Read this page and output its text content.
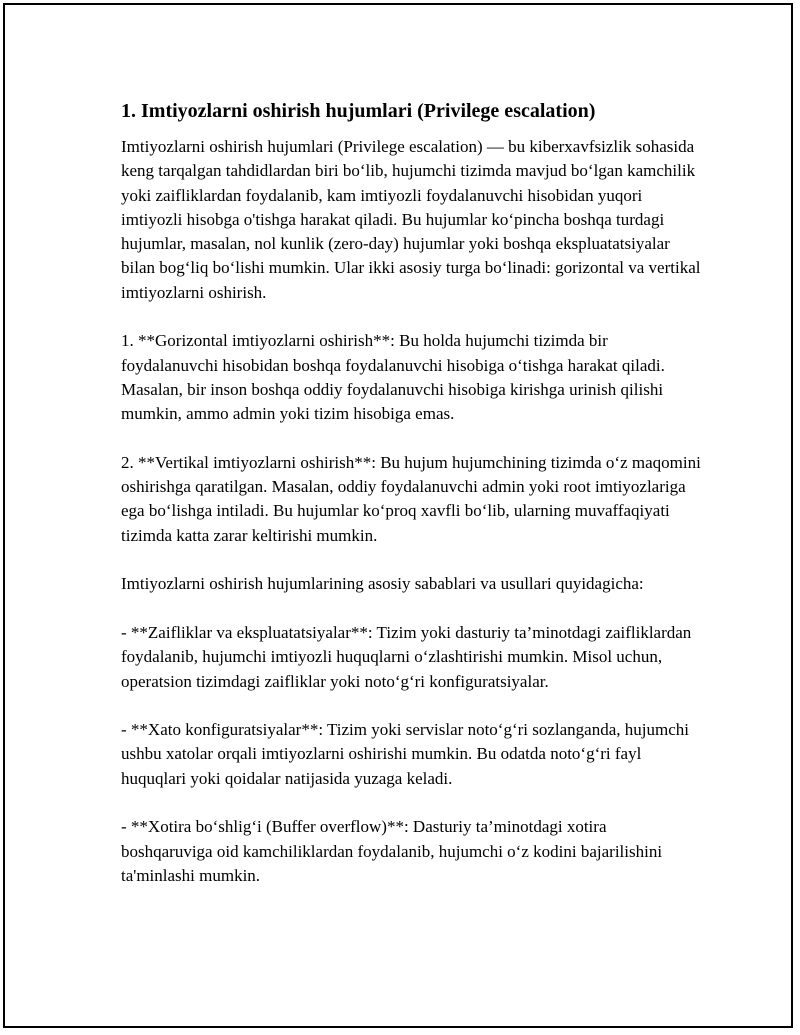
1. Imtiyozlarni oshirish hujumlari (Privilege escalation)

Imtiyozlarni oshirish hujumlari (Privilege escalation) — bu kiberxavfsizlik sohasida keng tarqalgan tahdidlardan biri bo‘lib, hujumchi tizimda mavjud bo‘lgan kamchilik yoki zaifliklardan foydalanib, kam imtiyozli foydalanuvchi hisobidan yuqori imtiyozli hisobga o'tishga harakat qiladi. Bu hujumlar ko‘pincha boshqa turdagi hujumlar, masalan, nol kunlik (zero-day) hujumlar yoki boshqa ekspluatatsiyalar bilan bog‘liq bo‘lishi mumkin. Ular ikki asosiy turga bo‘linadi: gorizontal va vertikal imtiyozlarni oshirish.

1. **Gorizontal imtiyozlarni oshirish**: Bu holda hujumchi tizimda bir foydalanuvchi hisobidan boshqa foydalanuvchi hisobiga o‘tishga harakat qiladi. Masalan, bir inson boshqa oddiy foydalanuvchi hisobiga kirishga urinish qilishi mumkin, ammo admin yoki tizim hisobiga emas.

2. **Vertikal imtiyozlarni oshirish**: Bu hujum hujumchining tizimda o‘z maqomini oshirishga qaratilgan. Masalan, oddiy foydalanuvchi admin yoki root imtiyozlariga ega bo‘lishga intiladi. Bu hujumlar ko‘proq xavfli bo‘lib, ularning muvaffaqiyati tizimda katta zarar keltirishi mumkin.

Imtiyozlarni oshirish hujumlarining asosiy sabablari va usullari quyidagicha:

- **Zaifliklar va ekspluatatsiyalar**: Tizim yoki dasturiy ta’minotdagi zaifliklardan foydalanib, hujumchi imtiyozli huquqlarni o‘zlashtirishi mumkin. Misol uchun, operatsion tizimdagi zaifliklar yoki noto‘g‘ri konfiguratsiyalar.

- **Xato konfiguratsiyalar**: Tizim yoki servislar noto‘g‘ri sozlanganda, hujumchi ushbu xatolar orqali imtiyozlarni oshirishi mumkin. Bu odatda noto‘g‘ri fayl huquqlari yoki qoidalar natijasida yuzaga keladi.

- **Xotira bo‘shlig‘i (Buffer overflow)**: Dasturiy ta’minotdagi xotira boshqaruviga oid kamchiliklardan foydalanib, hujumchi o‘z kodini bajarilishini ta'minlashi mumkin.
